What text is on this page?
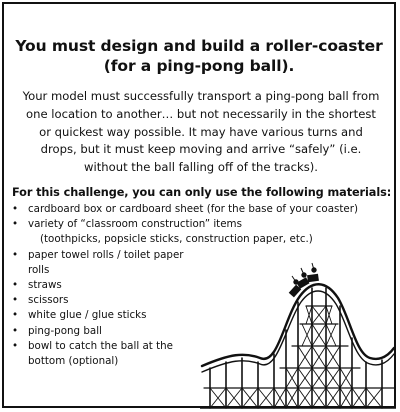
You must design and build a roller-coaster
(for a ping-pong ball).
Your model must successfully transport a ping-pong ball from one location to another… but not necessarily in the shortest or quickest way possible. It may have various turns and drops, but it must keep moving and arrive “safely” (i.e. without the ball falling off of the tracks).
For this challenge, you can only use the following materials:
• cardboard box or cardboard sheet (for the base of your coaster)
• variety of “classroom construction” items
(toothpicks, popsicle sticks, construction paper, etc.)
• paper towel rolls / toilet paper rolls
• straws
• scissors
• white glue / glue sticks
• ping-pong ball
• bowl to catch the ball at the bottom (optional)
